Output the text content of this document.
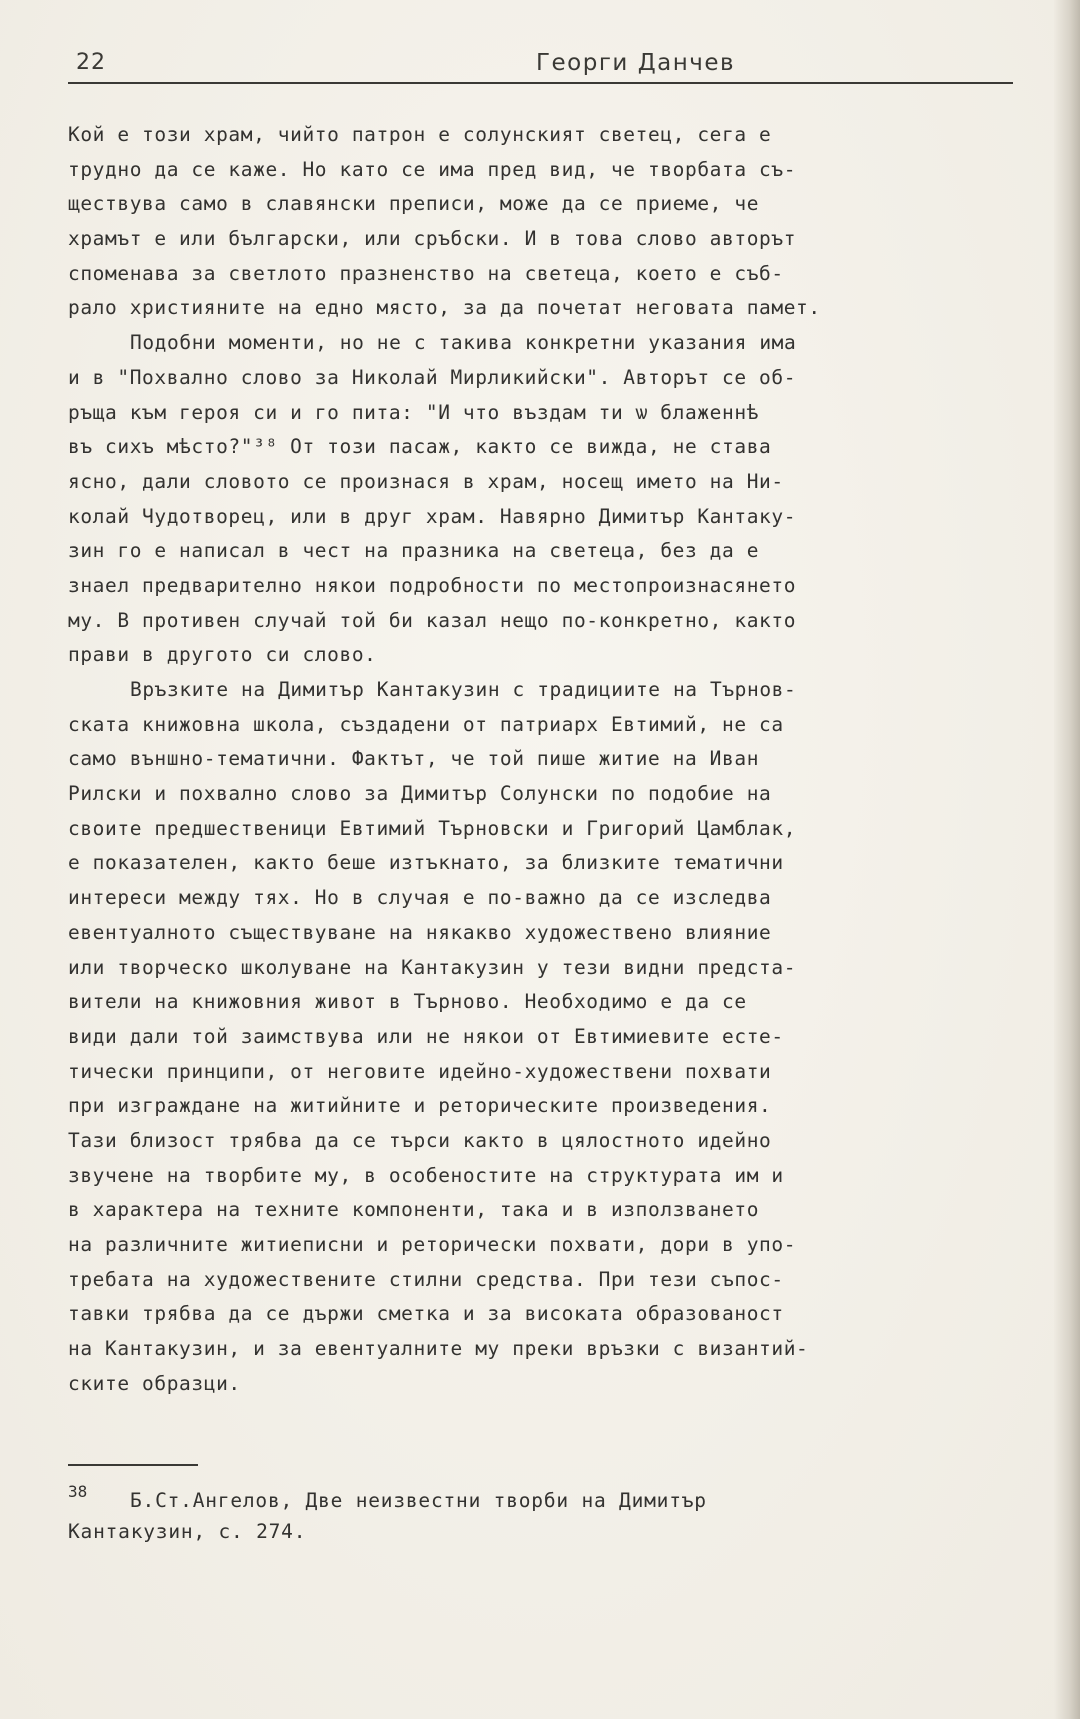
22	Георги Данчев
Кой е този храм, чийто патрон е солунският светец, сега е
трудно да се каже. Но като се има пред вид, че творбата съ-
ществува само в славянски преписи, може да се приеме, че
храмът е или български, или сръбски. И в това слово авторът
споменава за светлото празненство на светеца, което е съб-
рало християните на едно място, за да почетат неговата памет.
Подобни моменти, но не с такива конкретни указания има
и в "Похвално слово за Николай Мирликийски". Авторът се об-
ръща към героя си и го пита: "И что въздам ти ѡ блаженнѣ
въ сихъ мѣсто?"³⁸ От този пасаж, както се вижда, не става
ясно, дали словото се произнася в храм, носещ името на Ни-
колай Чудотворец, или в друг храм. Навярно Димитър Кантаку-
зин го е написал в чест на празника на светеца, без да е
знаел предварително някои подробности по местопроизнасянето
му. В противен случай той би казал нещо по-конкретно, както
прави в другото си слово.
Връзките на Димитър Кантакузин с традициите на Търнов-
ската книжовна школа, създадени от патриарх Евтимий, не са
само външно-тематични. Фактът, че той пише житие на Иван
Рилски и похвално слово за Димитър Солунски по подобие на
своите предшественици Евтимий Търновски и Григорий Цамблак,
е показателен, както беше изтъкнато, за близките тематични
интереси между тях. Но в случая е по-важно да се изследва
евентуалното съществуване на някакво художествено влияние
или творческо школуване на Кантакузин у тези видни предста-
вители на книжовния живот в Търново. Необходимо е да се
види дали той заимствува или не някои от Евтимиевите есте-
тически принципи, от неговите идейно-художествени похвати
при изграждане на житийните и реторическите произведения.
Тази близост трябва да се търси както в цялостното идейно
звучене на творбите му, в особеностите на структурата им и
в характера на техните компоненти, така и в използването
на различните житиеписни и реторически похвати, дори в упо-
требата на художествените стилни средства. При тези съпос-
тавки трябва да се държи сметка и за високата образованост
на Кантакузин, и за евентуалните му преки връзки с византий-
ските образци.
38 Б.Ст.Ангелов, Две неизвестни творби на Димитър
Кантакузин, с. 274.
